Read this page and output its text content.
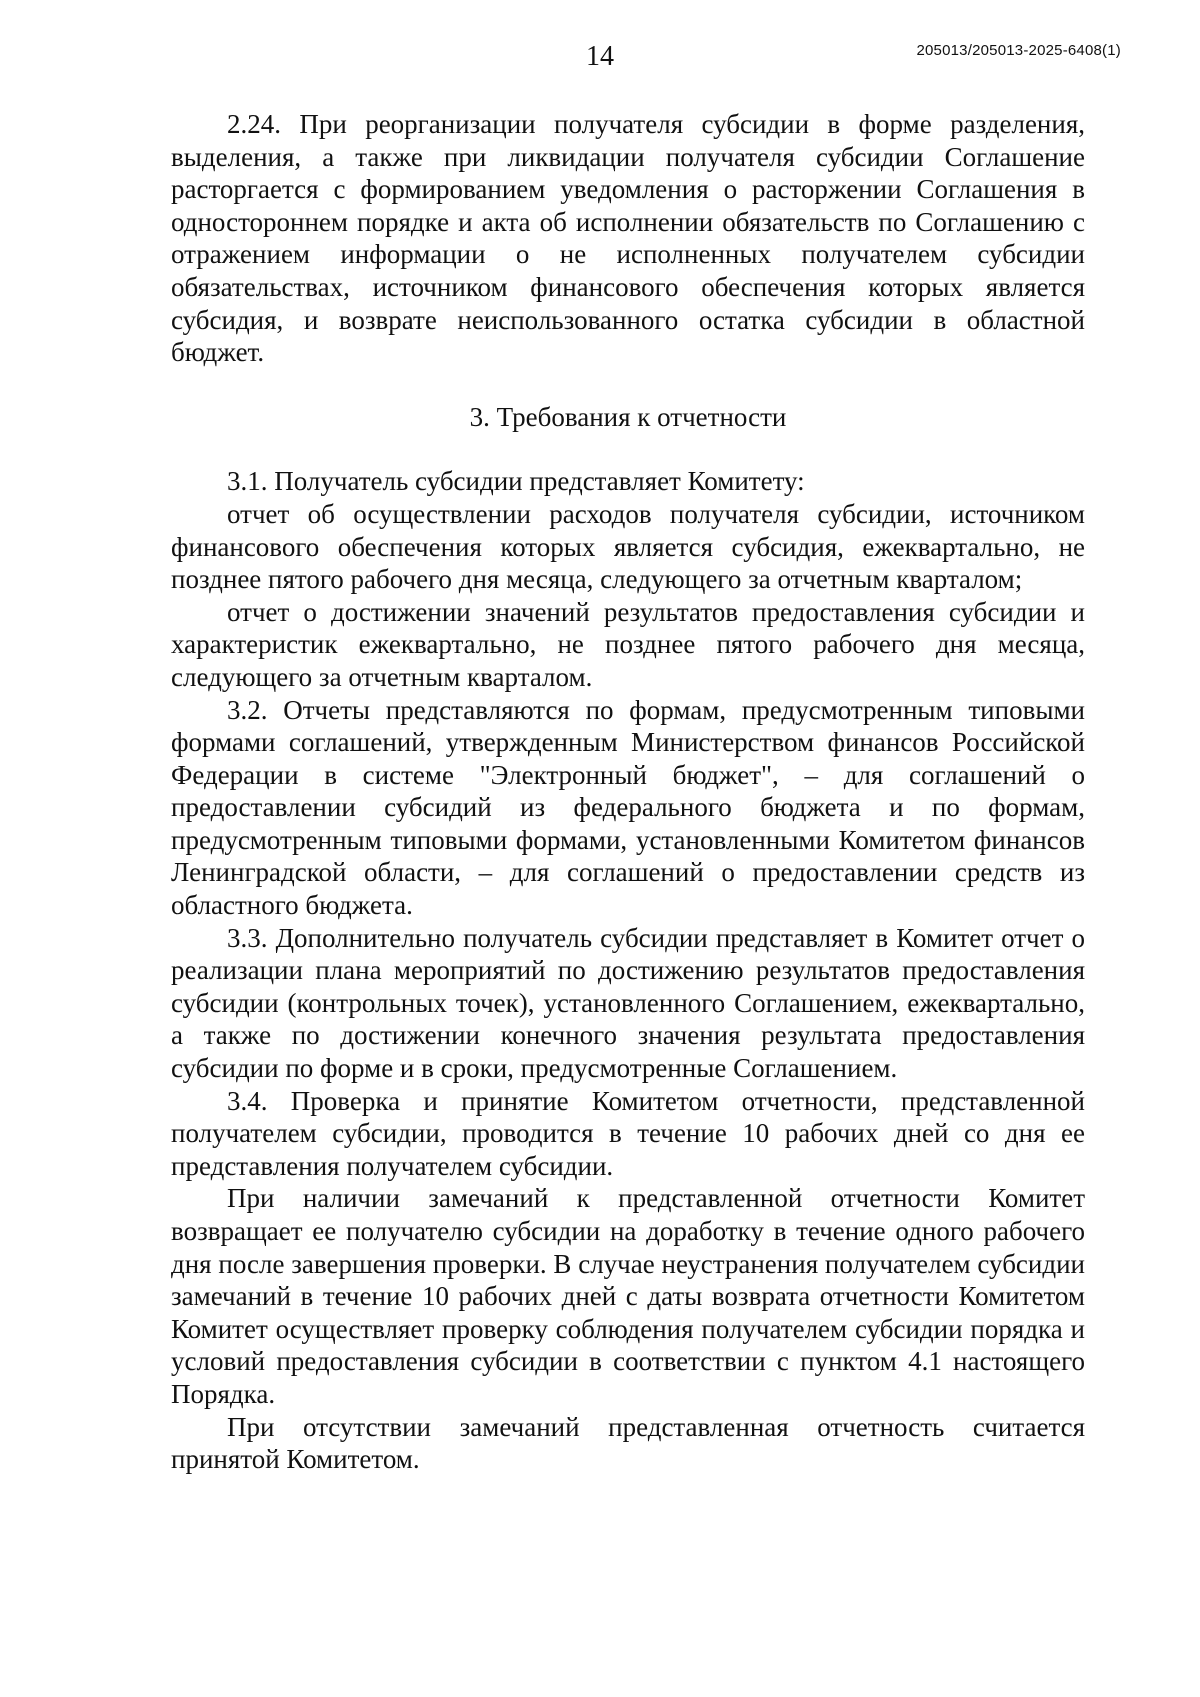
14	205013/205013-2025-6408(1)

2.24. При реорганизации получателя субсидии в форме разделения, выделения, а также при ликвидации получателя субсидии Соглашение расторгается с формированием уведомления о расторжении Соглашения в одностороннем порядке и акта об исполнении обязательств по Соглашению с отражением информации о не исполненных получателем субсидии обязательствах, источником финансового обеспечения которых является субсидия, и возврате неиспользованного остатка субсидии в областной бюджет.

3. Требования к отчетности

3.1. Получатель субсидии представляет Комитету:

отчет об осуществлении расходов получателя субсидии, источником финансового обеспечения которых является субсидия, ежеквартально, не позднее пятого рабочего дня месяца, следующего за отчетным кварталом;

отчет о достижении значений результатов предоставления субсидии и характеристик ежеквартально, не позднее пятого рабочего дня месяца, следующего за отчетным кварталом.

3.2. Отчеты представляются по формам, предусмотренным типовыми формами соглашений, утвержденным Министерством финансов Российской Федерации в системе "Электронный бюджет", – для соглашений о предоставлении субсидий из федерального бюджета и по формам, предусмотренным типовыми формами, установленными Комитетом финансов Ленинградской области, – для соглашений о предоставлении средств из областного бюджета.

3.3. Дополнительно получатель субсидии представляет в Комитет отчет о реализации плана мероприятий по достижению результатов предоставления субсидии (контрольных точек), установленного Соглашением, ежеквартально, а также по достижении конечного значения результата предоставления субсидии по форме и в сроки, предусмотренные Соглашением.

3.4. Проверка и принятие Комитетом отчетности, представленной получателем субсидии, проводится в течение 10 рабочих дней со дня ее представления получателем субсидии.

При наличии замечаний к представленной отчетности Комитет возвращает ее получателю субсидии на доработку в течение одного рабочего дня после завершения проверки. В случае неустранения получателем субсидии замечаний в течение 10 рабочих дней с даты возврата отчетности Комитетом Комитет осуществляет проверку соблюдения получателем субсидии порядка и условий предоставления субсидии в соответствии с пунктом 4.1 настоящего Порядка.

При отсутствии замечаний представленная отчетность считается принятой Комитетом.
